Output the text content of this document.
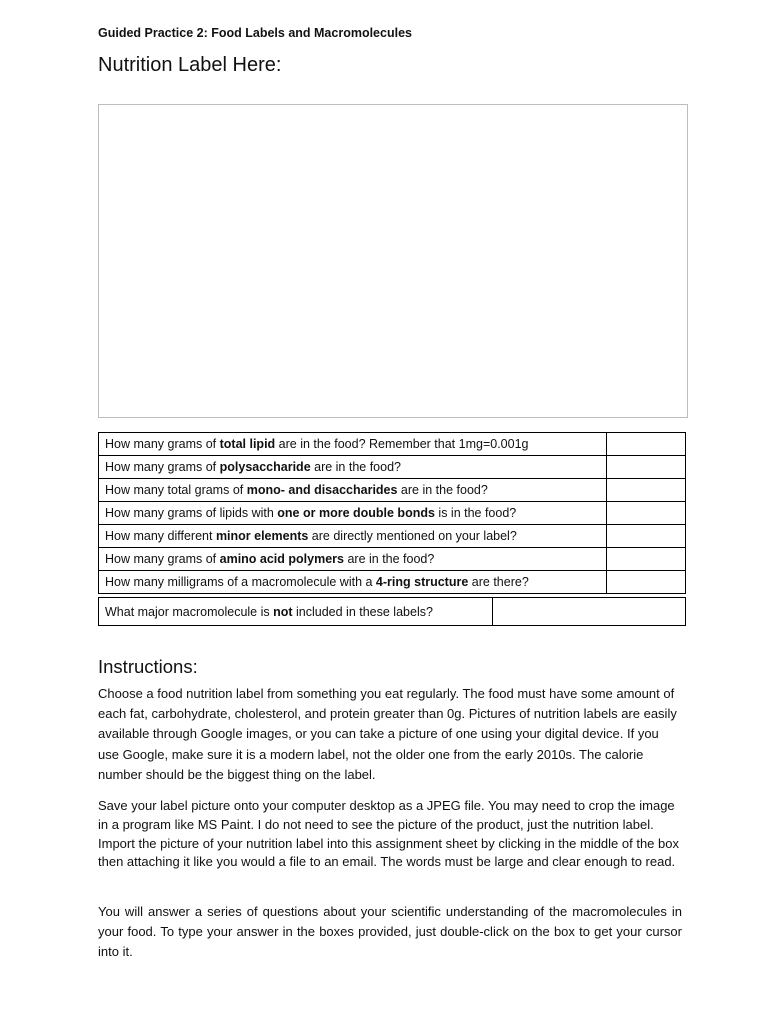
Guided Practice 2: Food Labels and Macromolecules
Nutrition Label Here:
How many grams of total lipid are in the food? Remember that 1mg=0.001g	
How many grams of polysaccharide are in the food?	
How many total grams of mono- and disaccharides are in the food?	
How many grams of lipids with one or more double bonds is in the food?	
How many different minor elements are directly mentioned on your label?	
How many grams of amino acid polymers are in the food?	
How many milligrams of a macromolecule with a 4-ring structure are there?	
What major macromolecule is not included in these labels?	
Instructions:
Choose a food nutrition label from something you eat regularly. The food must have some amount of each fat, carbohydrate, cholesterol, and protein greater than 0g. Pictures of nutrition labels are easily available through Google images, or you can take a picture of one using your digital device. If you use Google, make sure it is a modern label, not the older one from the early 2010s. The calorie number should be the biggest thing on the label.
Save your label picture onto your computer desktop as a JPEG file. You may need to crop the image in a program like MS Paint. I do not need to see the picture of the product, just the nutrition label. Import the picture of your nutrition label into this assignment sheet by clicking in the middle of the box then attaching it like you would a file to an email. The words must be large and clear enough to read.
You will answer a series of questions about your scientific understanding of the macromolecules in your food. To type your answer in the boxes provided, just double-click on the box to get your cursor into it.
